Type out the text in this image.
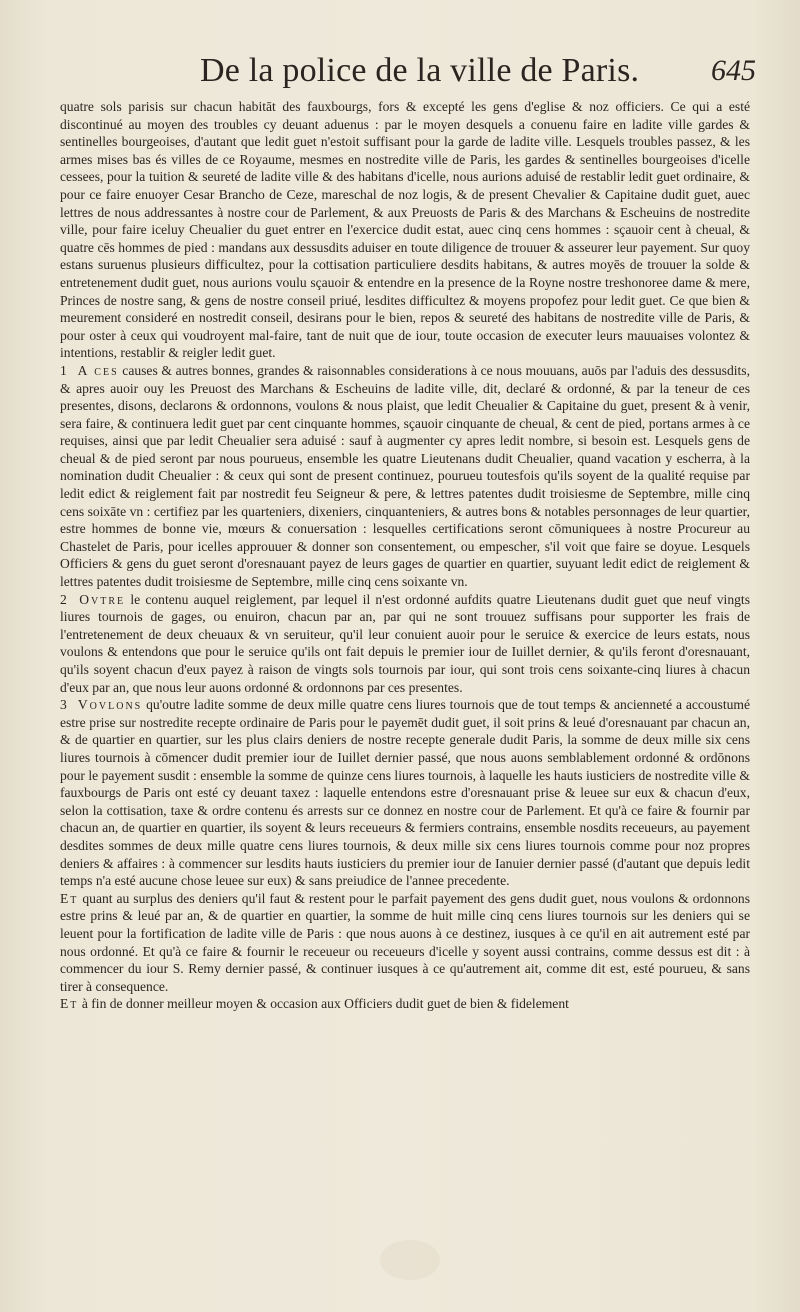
De la police de la ville de Paris. 645

quatre sols parisis sur chacun habitāt des fauxbourgs, fors & excepté les gens d'eglise & noz officiers. Ce qui a esté discontinué au moyen des troubles cy deuant aduenus : par le moyen desquels a conuenu faire en ladite ville gardes & sentinelles bourgeoises, d'autant que ledit guet n'estoit suffisant pour la garde de ladite ville. Lesquels troubles passez, & les armes mises bas és villes de ce Royaume, mesmes en nostredite ville de Paris, les gardes & sentinelles bourgeoises d'icelle cessees, pour la tuition & seureté de ladite ville & des habitans d'icelle, nous aurions aduisé de restablir ledit guet ordinaire, & pour ce faire enuoyer Cesar Brancho de Ceze, mareschal de noz logis, & de present Chevalier & Capitaine dudit guet, auec lettres de nous addressantes à nostre cour de Parlement, & aux Preuosts de Paris & des Marchans & Escheuins de nostredite ville, pour faire iceluy Cheualier du guet entrer en l'exercice dudit estat, auec cinq cens hommes : sçauoir cent à cheual, & quatre cēs hommes de pied : mandans aux dessusdits aduiser en toute diligence de trouuer & asseurer leur payement. Sur quoy estans suruenus plusieurs difficultez, pour la cottisation particuliere desdits habitans, & autres moyēs de trouuer la solde & entretenement dudit guet, nous aurions voulu sçauoir & entendre en la presence de la Royne nostre treshonoree dame & mere, Princes de nostre sang, & gens de nostre conseil priué, lesdites difficultez & moyens propofez pour ledit guet. Ce que bien & meurement consideré en nostredit conseil, desirans pour le bien, repos & seureté des habitans de nostredite ville de Paris, & pour oster à ceux qui voudroyent mal-faire, tant de nuit que de iour, toute occasion de executer leurs mauuaises volontez & intentions, restablir & reigler ledit guet.

1 A ces causes & autres bonnes, grandes & raisonnables considerations à ce nous mouuans, auōs par l'aduis des dessusdits, & apres auoir ouy les Preuost des Marchans & Escheuins de ladite ville, dit, declaré & ordonné, & par la teneur de ces presentes, disons, declarons & ordonnons, voulons & nous plaist, que ledit Cheualier & Capitaine du guet, present & à venir, sera faire, & continuera ledit guet par cent cinquante hommes, sçauoir cinquante de cheual, & cent de pied, portans armes à ce requises, ainsi que par ledit Cheualier sera aduisé : sauf à augmenter cy apres ledit nombre, si besoin est. Lesquels gens de cheual & de pied seront par nous pourueus, ensemble les quatre Lieutenans dudit Cheualier, quand vacation y escherra, à la nomination dudit Cheualier : & ceux qui sont de present continuez, pourueu toutesfois qu'ils soyent de la qualité requise par ledit edict & reiglement fait par nostredit feu Seigneur & pere, & lettres patentes dudit troisiesme de Septembre, mille cinq cens soixāte vn : certifiez par les quarteniers, dixeniers, cinquanteniers, & autres bons & notables personnages de leur quartier, estre hommes de bonne vie, mœurs & conuersation : lesquelles certifications seront cōmuniquees à nostre Procureur au Chastelet de Paris, pour icelles approuuer & donner son consentement, ou empescher, s'il voit que faire se doyue. Lesquels Officiers & gens du guet seront d'oresnauant payez de leurs gages de quartier en quartier, suyuant ledit edict de reiglement & lettres patentes dudit troisiesme de Septembre, mille cinq cens soixante vn.

2 Ovtre le contenu auquel reiglement, par lequel il n'est ordonné aufdits quatre Lieutenans dudit guet que neuf vingts liures tournois de gages, ou enuiron, chacun par an, par qui ne sont trouuez suffisans pour supporter les frais de l'entretenement de deux cheuaux & vn seruiteur, qu'il leur conuient auoir pour le seruice & exercice de leurs estats, nous voulons & entendons que pour le seruice qu'ils ont fait depuis le premier iour de Iuillet dernier, & qu'ils feront d'oresnauant, qu'ils soyent chacun d'eux payez à raison de vingts sols tournois par iour, qui sont trois cens soixante-cinq liures à chacun d'eux par an, que nous leur auons ordonné & ordonnons par ces presentes.

3 Vovlons qu'outre ladite somme de deux mille quatre cens liures tournois que de tout temps & ancienneté a accoustumé estre prise sur nostredite recepte ordinaire de Paris pour le payemēt dudit guet, il soit prins & leué d'oresnauant par chacun an, & de quartier en quartier, sur les plus clairs deniers de nostre recepte generale dudit Paris, la somme de deux mille six cens liures tournois à cōmencer dudit premier iour de Iuillet dernier passé, que nous auons semblablement ordonné & ordōnons pour le payement susdit : ensemble la somme de quinze cens liures tournois, à laquelle les hauts iusticiers de nostredite ville & fauxbourgs de Paris ont esté cy deuant taxez : laquelle entendons estre d'oresnauant prise & leuee sur eux & chacun d'eux, selon la cottisation, taxe & ordre contenu és arrests sur ce donnez en nostre cour de Parlement. Et qu'à ce faire & fournir par chacun an, de quartier en quartier, ils soyent & leurs receueurs & fermiers contrains, ensemble nosdits receueurs, au payement desdites sommes de deux mille quatre cens liures tournois, & deux mille six cens liures tournois comme pour noz propres deniers & affaires : à commencer sur lesdits hauts iusticiers du premier iour de Ianuier dernier passé (d'autant que depuis ledit temps n'a esté aucune chose leuee sur eux) & sans preiudice de l'annee precedente.

Et quant au surplus des deniers qu'il faut & restent pour le parfait payement des gens dudit guet, nous voulons & ordonnons estre prins & leué par an, & de quartier en quartier, la somme de huit mille cinq cens liures tournois sur les deniers qui se leuent pour la fortification de ladite ville de Paris : que nous auons à ce destinez, iusques à ce qu'il en ait autrement esté par nous ordonné. Et qu'à ce faire & fournir le receueur ou receueurs d'icelle y soyent aussi contrains, comme dessus est dit : à commencer du iour S. Remy dernier passé, & continuer iusques à ce qu'autrement ait, comme dit est, esté pourueu, & sans tirer à consequence.

Et à fin de donner meilleur moyen & occasion aux Officiers dudit guet de bien & fidelement
